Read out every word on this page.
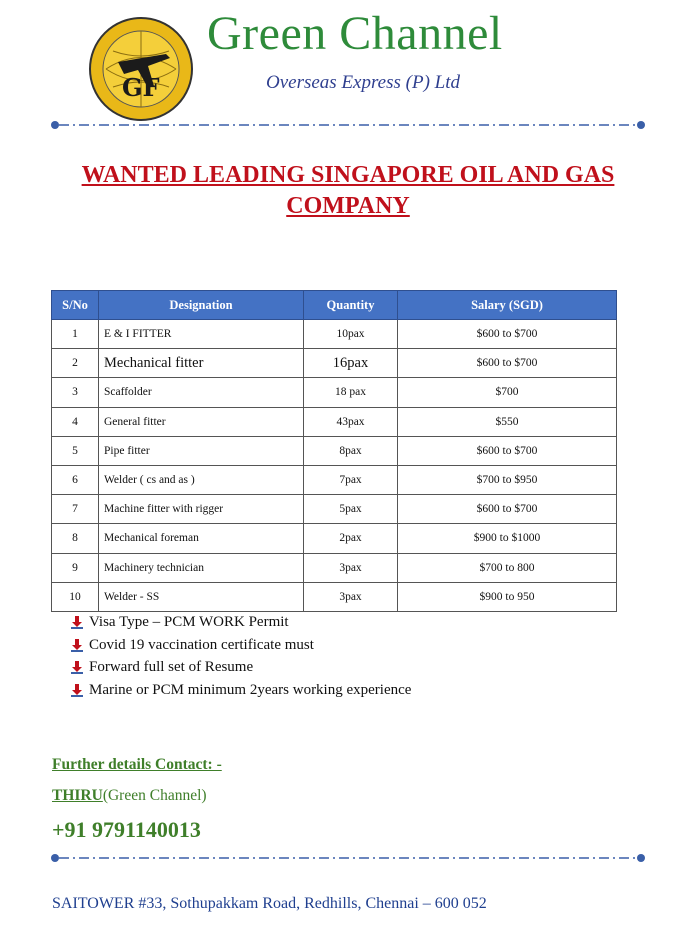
GF
Green Channel
Overseas Express (P) Ltd
WANTED LEADING SINGAPORE OIL AND GAS
COMPANY
S/No	Designation	Quantity	Salary (SGD)
1	E & I FITTER	10pax	$600 to $700
2	Mechanical fitter	16pax	$600 to $700
3	Scaffolder	18 pax	$700
4	General fitter	43pax	$550
5	Pipe fitter	8pax	$600 to $700
6	Welder ( cs and as )	7pax	$700 to $950
7	Machine fitter with rigger	5pax	$600 to $700
8	Mechanical foreman	2pax	$900 to $1000
9	Machinery technician	3pax	$700 to 800
10	Welder - SS	3pax	$900 to 950
Visa Type – PCM WORK Permit
Covid 19 vaccination certificate must
Forward full set of Resume
Marine or PCM minimum 2years working experience
Further details Contact: -
THIRU(Green Channel)
+91 9791140013
SAITOWER #33, Sothupakkam Road, Redhills, Chennai – 600 052
